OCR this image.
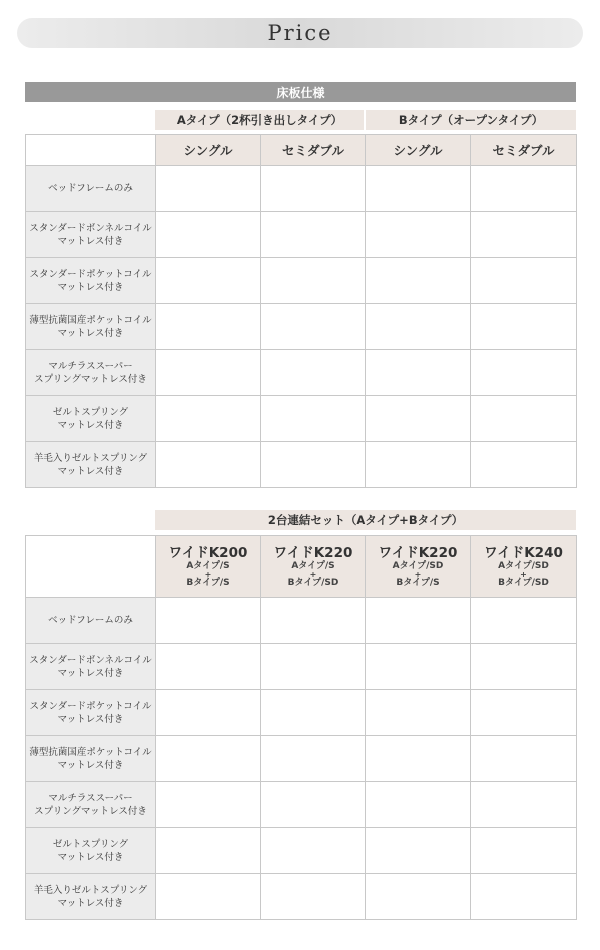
Price
床板仕様
Aタイプ（2杯引き出しタイプ）	Bタイプ（オープンタイプ）
	シングル	セミダブル	シングル	セミダブル

ベッドフレームのみ				

スタンダードボンネルコイル
マットレス付き				

スタンダードポケットコイル
マットレス付き				

薄型抗菌国産ポケットコイル
マットレス付き				

マルチラススーパー
スプリングマットレス付き				

ゼルトスプリング
マットレス付き				

羊毛入りゼルトスプリング
マットレス付き				

2台連結セット（Aタイプ+Bタイプ）

	ワイドK200
Aタイプ/S
+
Bタイプ/S	ワイドK220
Aタイプ/S
+
Bタイプ/SD	ワイドK220
Aタイプ/SD
+
Bタイプ/S	ワイドK240
Aタイプ/SD
+
Bタイプ/SD

ベッドフレームのみ				

スタンダードボンネルコイル
マットレス付き				

スタンダードポケットコイル
マットレス付き				

薄型抗菌国産ポケットコイル
マットレス付き				

マルチラススーパー
スプリングマットレス付き				

ゼルトスプリング
マットレス付き				

羊毛入りゼルトスプリング
マットレス付き				
